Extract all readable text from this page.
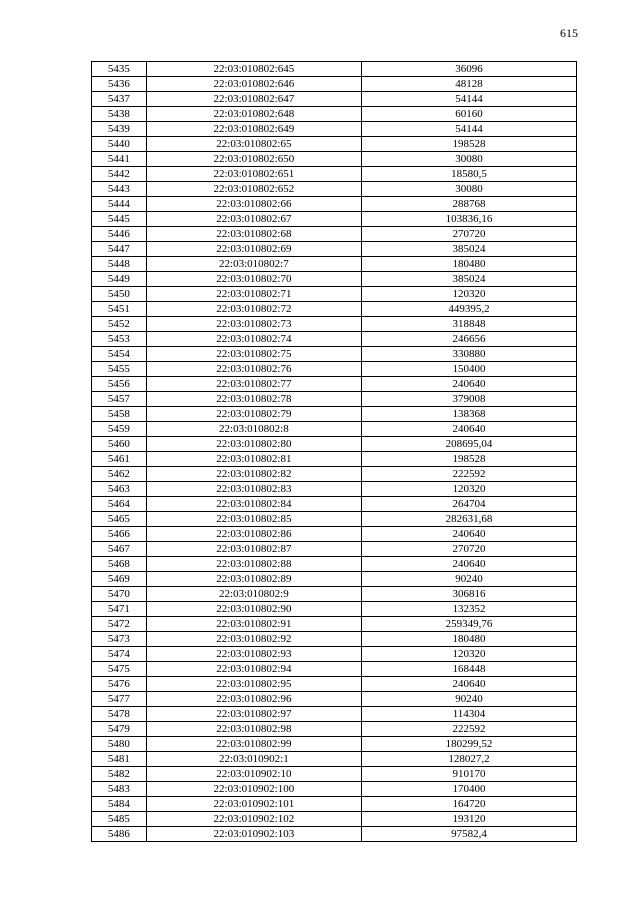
615
5435	22:03:010802:645	36096
5436	22:03:010802:646	48128
5437	22:03:010802:647	54144
5438	22:03:010802:648	60160
5439	22:03:010802:649	54144
5440	22:03:010802:65	198528
5441	22:03:010802:650	30080
5442	22:03:010802:651	18580,5
5443	22:03:010802:652	30080
5444	22:03:010802:66	288768
5445	22:03:010802:67	103836,16
5446	22:03:010802:68	270720
5447	22:03:010802:69	385024
5448	22:03:010802:7	180480
5449	22:03:010802:70	385024
5450	22:03:010802:71	120320
5451	22:03:010802:72	449395,2
5452	22:03:010802:73	318848
5453	22:03:010802:74	246656
5454	22:03:010802:75	330880
5455	22:03:010802:76	150400
5456	22:03:010802:77	240640
5457	22:03:010802:78	379008
5458	22:03:010802:79	138368
5459	22:03:010802:8	240640
5460	22:03:010802:80	208695,04
5461	22:03:010802:81	198528
5462	22:03:010802:82	222592
5463	22:03:010802:83	120320
5464	22:03:010802:84	264704
5465	22:03:010802:85	282631,68
5466	22:03:010802:86	240640
5467	22:03:010802:87	270720
5468	22:03:010802:88	240640
5469	22:03:010802:89	90240
5470	22:03:010802:9	306816
5471	22:03:010802:90	132352
5472	22:03:010802:91	259349,76
5473	22:03:010802:92	180480
5474	22:03:010802:93	120320
5475	22:03:010802:94	168448
5476	22:03:010802:95	240640
5477	22:03:010802:96	90240
5478	22:03:010802:97	114304
5479	22:03:010802:98	222592
5480	22:03:010802:99	180299,52
5481	22:03:010902:1	128027,2
5482	22:03:010902:10	910170
5483	22:03:010902:100	170400
5484	22:03:010902:101	164720
5485	22:03:010902:102	193120
5486	22:03:010902:103	97582,4
